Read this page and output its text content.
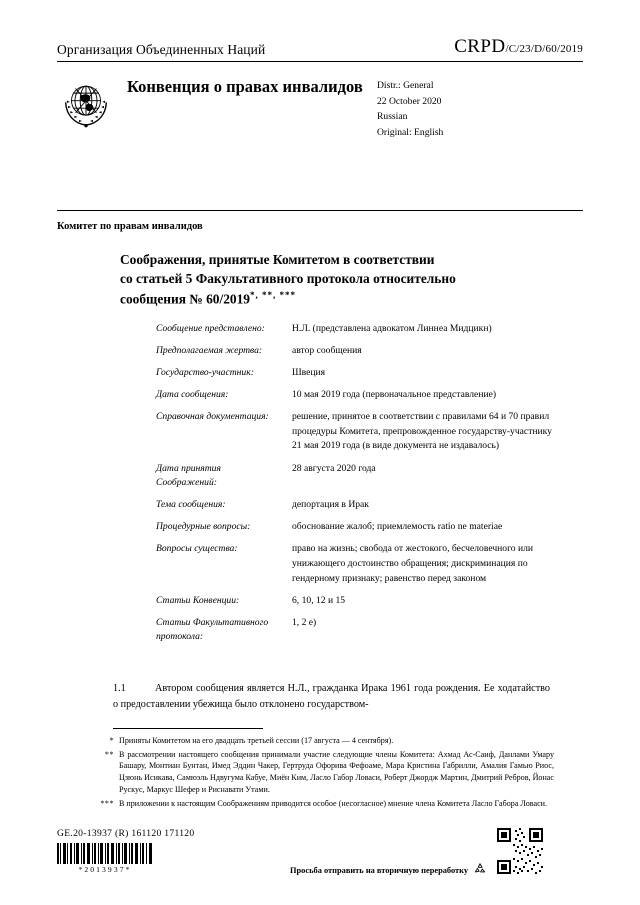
Организация Объединенных Наций	CRPD/C/23/D/60/2019
Конвенция о правах инвалидов	Distr.: General
22 October 2020
Russian
Original: English
Комитет по правам инвалидов
Соображения, принятые Комитетом в соответствии
со статьей 5 Факультативного протокола относительно
сообщения № 60/2019*, **, ***
Сообщение представлено:	Н.Л. (представлена адвокатом Линнеа Мидцикн)
Предполагаемая жертва:	автор сообщения
Государство-участник:	Швеция
Дата сообщения:	10 мая 2019 года (первоначальное представление)
Справочная документация:	решение, принятое в соответствии с правилами 64 и 70 правил процедуры Комитета, препровожденное государству-участнику 21 мая 2019 года (в виде документа не издавалось)
Дата принятия Соображений:
28 августа 2020 года
Тема сообщения:	депортация в Ирак
Процедурные вопросы:	обоснование жалоб; приемлемость ratio ne materiae
Вопросы существа:	право на жизнь; свобода от жестокого, бесчеловечного или унижающего достоинство обращения; дискриминация по гендерному признаку; равенство перед законом
Статьи Конвенции:	6, 10, 12 и 15
Статьи Факультативного протокола:
1, 2 e)
1.1	Автором сообщения является Н.Л., гражданка Ирака 1961 года рождения. Ее ходатайство о предоставлении убежища было отклонено государством-
* Приняты Комитетом на его двадцать третьей сессии (17 августа — 4 сентября).
** В рассмотрении настоящего сообщения принимали участие следующие члены Комитета: Ахмад Ас-Саиф, Данлами Умару Башару, Монтиан Бунтан, Имед Эддин Чакер, Гертруда Офорива Фефоаме, Мара Кристина Габрилли, Амалия Гамью Риос, Цзюнь Исикава, Самюэль Ндвугума Кабуе, Миён Ким, Ласло Габор Ловаси, Роберт Джордж Мартин, Дмитрий Ребров, Йонас Рускус, Маркус Шефер и Риснавати Утами.
*** В приложении к настоящим Соображениям приводится особое (несогласное) мнение члена Комитета Ласло Габора Ловаси.
GE.20-13937 (R) 161120 171120
*2013937*	Просьба отправить на вторичную переработку
